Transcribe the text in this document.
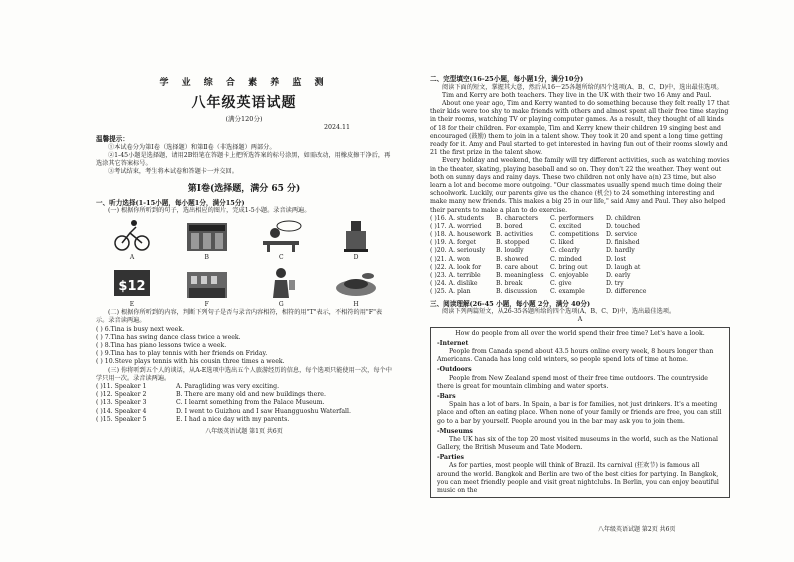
学 业 综 合 素 养 监 测
八年级英语试题
(满分120分)
2024.11
温馨提示：

①本试卷分为第Ⅰ卷（选择题）和第Ⅱ卷（非选择题）两部分。

②1-45小题是选择题，请用2B铅笔在答题卡上把所选答案的标号涂黑，如需改动，用橡皮擦干净后，再选涂其它答案标号。

③考试结束，考生将本试卷和答题卡一并交回。

第Ⅰ卷(选择题，满分 65 分)
一、听力选择(1-15小题，每小题1分，满分15分)

(一) 根据你所听到的句子，选出相应的图片，完成1-5小题。录音读两遍。

A	B	C	D
$12
E	F	G	H

(二) 根据你所听到的内容，判断下列句子是否与录音内容相符，相符的用"T"表示，不相符的用"F"表示。录音读两遍。

( ) 6.Tina is busy next week.

( ) 7.Tina has swing dance class twice a week.

( ) 8.Tina has piano lessons twice a week.

( ) 9.Tina has to play tennis with her friends on Friday.

( ) 10.Steve plays tennis with his cousin three times a week.

(三) 你将听到五个人的谈话，从A-E选项中选出五个人旅游经历的信息，每个选项只能使用一次，每个中学只用一次。录音读两遍。

( )11. Speaker 1	A. Paragliding was very exciting.
( )12. Speaker 2	B. There are many old and new buildings there.
( )13. Speaker 3	C. I learnt something from the Palace Museum.
( )14. Speaker 4	D. I went to Guizhou and I saw Huangguoshu Waterfall.
( )15. Speaker 5	E. I had a nice day with my parents.
八年级英语试题 第1页 共6页
二、完型填空(16-25小题，每小题1分，满分10分)

阅读下面的短文，掌握其大意，然后从16～25各题所给的四个选项(A、B、C、D)中，选出最佳选项。

Tim and Kerry are both teachers. They live in the UK with their two 16 Amy and Paul.

About one year ago, Tim and Kerry wanted to do something because they felt really 17 that their kids were too shy to make friends with others and almost spent all their free time staying in their rooms, watching TV or playing computer games. As a result, they thought of all kinds of 18 for their children. For example, Tim and Kerry knew their children 19 singing best and encouraged (鼓励) them to join in a talent show. They took it 20 and spent a long time getting ready for it. Amy and Paul started to get interested in having fun out of their rooms slowly and 21 the first prize in the talent show.

Every holiday and weekend, the family will try different activities, such as watching movies in the theater, skating, playing baseball and so on. They don't 22 the weather. They went out both on sunny days and rainy days. These two children not only have a(n) 23 time, but also learn a lot and become more outgoing. "Our classmates usually spend much time doing their schoolwork. Luckily, our parents give us the chance (机会) to 24 something interesting and make many new friends. This makes a big 25 in our life," said Amy and Paul. They also helped their parents to make a plan to do exercise.

( )16. A. students	B. characters	C. performers	D. children
( )17. A. worried	B. bored	C. excited	D. touched
( )18. A. housework B. activities	C. competitions	D. service
( )19. A. forget	B. stopped	C. liked	D. finished
( )20. A. seriously	B. loudly	C. clearly	D. hardly
( )21. A. won	B. showed	C. minded	D. lost
( )22. A. look for	B. care about	C. bring out	D. laugh at
( )23. A. terrible	B. meaningless	C. enjoyable	D. early
( )24. A. dislike	B. break	C. give	D. try
( )25. A. plan	B. discussion	C. example	D. difference
三、阅读理解(26-45 小题，每小题 2分，满分 40分)

阅读下列两篇短文，从26-35各题所给的四个选项(A、B、C、D)中，选出最佳选项。

A
How do people from all over the world spend their free time? Let's have a look.
-Internet

People from Canada spend about 43.5 hours online every week, 8 hours longer than Americans. Canada has long cold winters, so people spend lots of time at home.

-Outdoors

People from New Zealand spend most of their free time outdoors. The countryside there is great for mountain climbing and water sports.

-Bars

Spain has a lot of bars. In Spain, a bar is for families, not just drinkers. It's a meeting place and often an eating place. When none of your family or friends are free, you can still go to a bar by yourself. People around you in the bar may ask you to join them.

-Museums

The UK has six of the top 20 most visited museums in the world, such as the National Gallery, the British Museum and Tate Modern.

-Parties

As for parties, most people will think of Brazil. Its carnival (狂欢节) is famous all around the world. Bangkok and Berlin are two of the best cities for partying. In Bangkok, you can meet friendly people and visit great nightclubs. In Berlin, you can enjoy beautiful music on the

八年级英语试题 第2页 共6页
